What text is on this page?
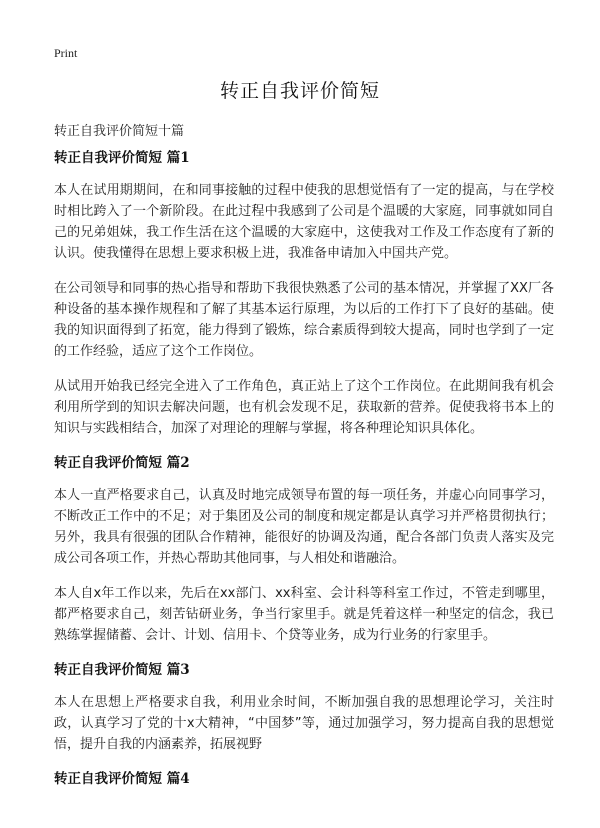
Print
转正自我评价简短
转正自我评价简短十篇
转正自我评价简短 篇1

本人在试用期期间，在和同事接触的过程中使我的思想觉悟有了一定的提高，与在学校时相比跨入了一个新阶段。在此过程中我感到了公司是个温暖的大家庭，同事就如同自己的兄弟姐妹，我工作生活在这个温暖的大家庭中，这使我对工作及工作态度有了新的认识。使我懂得在思想上要求积极上进，我准备申请加入中国共产党。

在公司领导和同事的热心指导和帮助下我很快熟悉了公司的基本情况，并掌握了XX厂各种设备的基本操作规程和了解了其基本运行原理，为以后的工作打下了良好的基础。使我的知识面得到了拓宽，能力得到了锻炼，综合素质得到较大提高，同时也学到了一定的工作经验，适应了这个工作岗位。

从试用开始我已经完全进入了工作角色，真正站上了这个工作岗位。在此期间我有机会利用所学到的知识去解决问题，也有机会发现不足，获取新的营养。促使我将书本上的知识与实践相结合，加深了对理论的理解与掌握，将各种理论知识具体化。

转正自我评价简短 篇2

本人一直严格要求自己，认真及时地完成领导布置的每一项任务，并虚心向同事学习，不断改正工作中的不足；对于集团及公司的制度和规定都是认真学习并严格贯彻执行；另外，我具有很强的团队合作精神，能很好的协调及沟通，配合各部门负责人落实及完成公司各项工作，并热心帮助其他同事，与人相处和谐融洽。

本人自x年工作以来，先后在xx部门、xx科室、会计科等科室工作过，不管走到哪里，都严格要求自己，刻苦钻研业务，争当行家里手。就是凭着这样一种坚定的信念，我已熟练掌握储蓄、会计、计划、信用卡、个贷等业务，成为行业务的行家里手。

转正自我评价简短 篇3

本人在思想上严格要求自我，利用业余时间，不断加强自我的思想理论学习，关注时政，认真学习了党的十x大精神，“中国梦”等，通过加强学习，努力提高自我的思想觉悟，提升自我的内涵素养，拓展视野

转正自我评价简短 篇4
